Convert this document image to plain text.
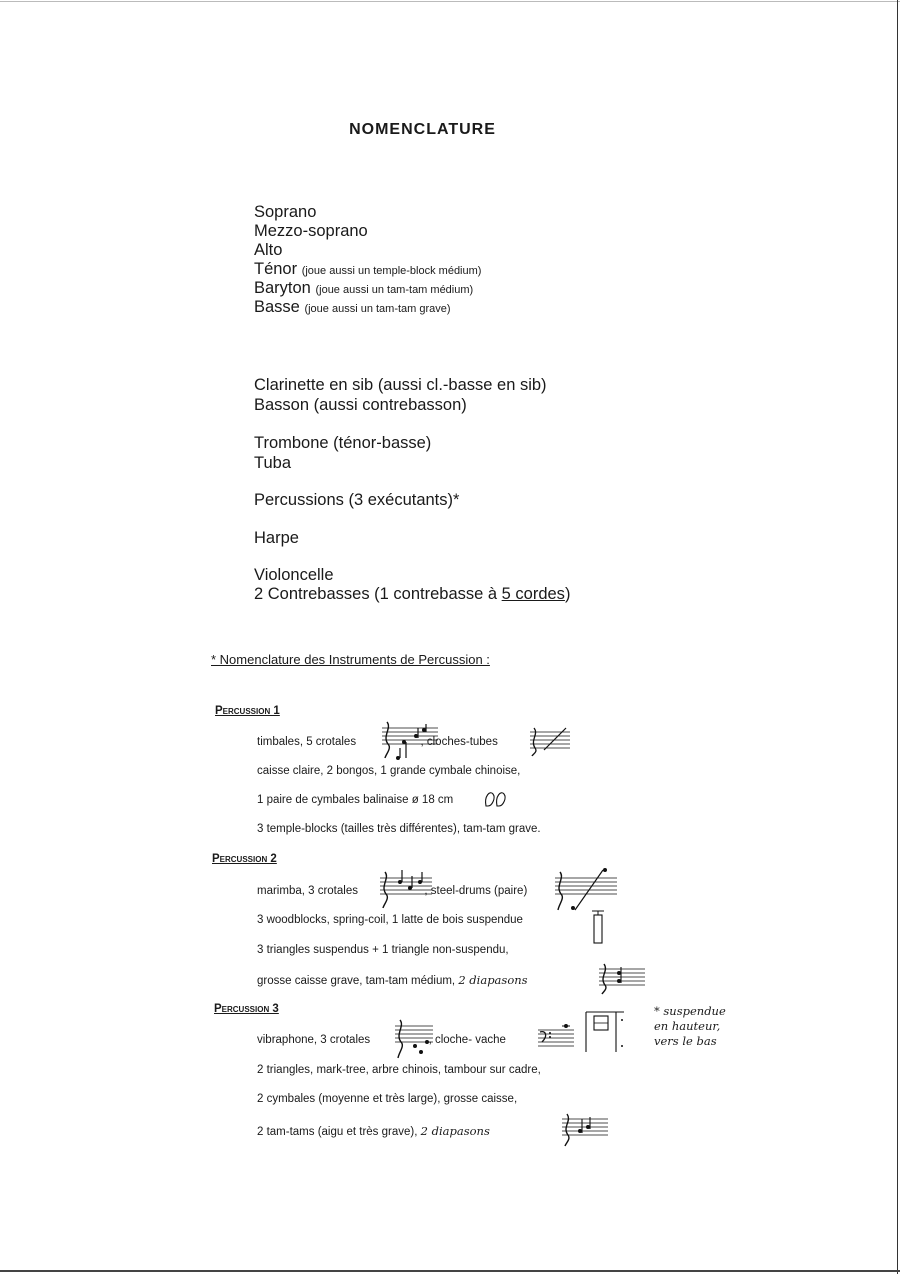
NOMENCLATURE
Soprano
Mezzo-soprano
Alto
Ténor (joue aussi un temple-block médium)
Baryton (joue aussi un tam-tam médium)
Basse (joue aussi un tam-tam grave)
Clarinette en sib (aussi cl.-basse en sib)
Basson (aussi contrebasson)
Trombone (ténor-basse)
Tuba
Percussions (3 exécutants)*
Harpe
Violoncelle
2 Contrebasses (1 contrebasse à 5 cordes)
* Nomenclature des Instruments de Percussion :
Percussion 1
timbales, 5 crotales	, cloches-tubes
caisse claire, 2 bongos, 1 grande cymbale chinoise,
1 paire de cymbales balinaise ø 18 cm
3 temple-blocks (tailles très différentes), tam-tam grave.
Percussion 2
marimba, 3 crotales	, steel-drums (paire)
3 woodblocks, spring-coil, 1 latte de bois suspendue
3 triangles suspendus + 1 triangle non-suspendu,
grosse caisse grave, tam-tam médium, 2 diapasons
Percussion 3
vibraphone, 3 crotales	, cloche- vache
* suspendue
en hauteur,
vers le bas
2 triangles, mark-tree, arbre chinois, tambour sur cadre,
2 cymbales (moyenne et très large), grosse caisse,
2 tam-tams (aigu et très grave), 2 diapasons
